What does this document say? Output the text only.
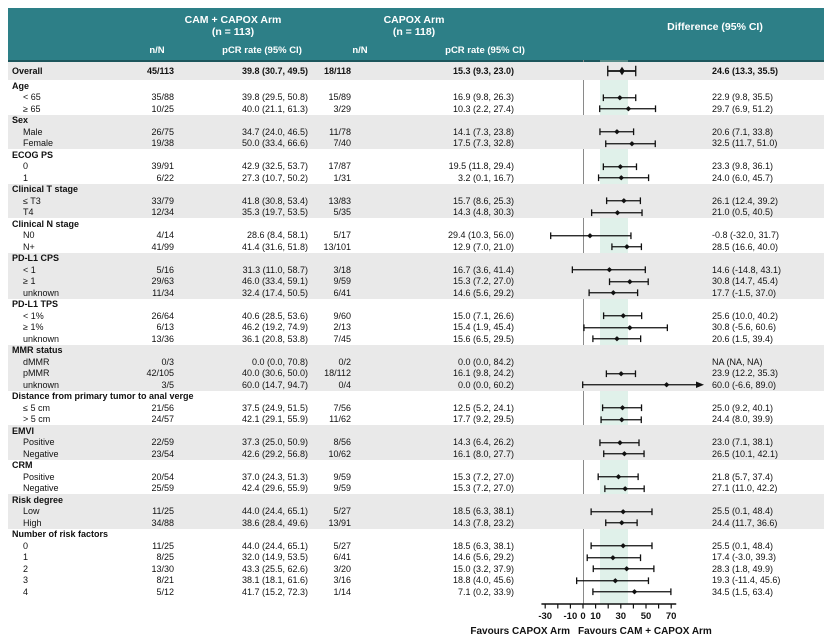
CAM + CAPOX Arm
(n = 113)
CAPOX Arm
(n = 118)
n/N	pCR rate (95% CI)	n/N	pCR rate (95% CI)
Difference (95% CI)
Overall	45/113	39.8 (30.7, 49.5)	18/118	15.3 (9.3, 23.0)	24.6 (13.3, 35.5)
Age
< 65	35/88	39.8 (29.5, 50.8)	15/89	16.9 (9.8, 26.3)	22.9 (9.8, 35.5)
≥ 65	10/25	40.0 (21.1, 61.3)	3/29	10.3 (2.2, 27.4)	29.7 (6.9, 51.2)
Sex
Male	26/75	34.7 (24.0, 46.5)	11/78	14.1 (7.3, 23.8)	20.6 (7.1, 33.8)
Female	19/38	50.0 (33.4, 66.6)	7/40	17.5 (7.3, 32.8)	32.5 (11.7, 51.0)
ECOG PS
0	39/91	42.9 (32.5, 53.7)	17/87	19.5 (11.8, 29.4)	23.3 (9.8, 36.1)
1	6/22	27.3 (10.7, 50.2)	1/31	3.2 (0.1, 16.7)	24.0 (6.0, 45.7)
Clinical T stage
≤ T3	33/79	41.8 (30.8, 53.4)	13/83	15.7 (8.6, 25.3)	26.1 (12.4, 39.2)
T4	12/34	35.3 (19.7, 53.5)	5/35	14.3 (4.8, 30.3)	21.0 (0.5, 40.5)
Clinical N stage
N0	4/14	28.6 (8.4, 58.1)	5/17	29.4 (10.3, 56.0)	-0.8 (-32.0, 31.7)
N+	41/99	41.4 (31.6, 51.8)	13/101	12.9 (7.0, 21.0)	28.5 (16.6, 40.0)
PD-L1 CPS
< 1	5/16	31.3 (11.0, 58.7)	3/18	16.7 (3.6, 41.4)	14.6 (-14.8, 43.1)
≥ 1	29/63	46.0 (33.4, 59.1)	9/59	15.3 (7.2, 27.0)	30.8 (14.7, 45.4)
unknown	11/34	32.4 (17.4, 50.5)	6/41	14.6 (5.6, 29.2)	17.7 (-1.5, 37.0)
PD-L1 TPS
< 1%	26/64	40.6 (28.5, 53.6)	9/60	15.0 (7.1, 26.6)	25.6 (10.0, 40.2)
≥ 1%	6/13	46.2 (19.2, 74.9)	2/13	15.4 (1.9, 45.4)	30.8 (-5.6, 60.6)
unknown	13/36	36.1 (20.8, 53.8)	7/45	15.6 (6.5, 29.5)	20.6 (1.5, 39.4)
MMR status
dMMR	0/3	0.0 (0.0, 70.8)	0/2	0.0 (0.0, 84.2)	NA (NA, NA)
pMMR	42/105	40.0 (30.6, 50.0)	18/112	16.1 (9.8, 24.2)	23.9 (12.2, 35.3)
unknown	3/5	60.0 (14.7, 94.7)	0/4	0.0 (0.0, 60.2)	60.0 (-6.6, 89.0)
Distance from primary tumor to anal verge
≤ 5 cm	21/56	37.5 (24.9, 51.5)	7/56	12.5 (5.2, 24.1)	25.0 (9.2, 40.1)
> 5 cm	24/57	42.1 (29.1, 55.9)	11/62	17.7 (9.2, 29.5)	24.4 (8.0, 39.9)
EMVI
Positive	22/59	37.3 (25.0, 50.9)	8/56	14.3 (6.4, 26.2)	23.0 (7.1, 38.1)
Negative	23/54	42.6 (29.2, 56.8)	10/62	16.1 (8.0, 27.7)	26.5 (10.1, 42.1)
CRM
Positive	20/54	37.0 (24.3, 51.3)	9/59	15.3 (7.2, 27.0)	21.8 (5.7, 37.4)
Negative	25/59	42.4 (29.6, 55.9)	9/59	15.3 (7.2, 27.0)	27.1 (11.0, 42.2)
Risk degree
Low	11/25	44.0 (24.4, 65.1)	5/27	18.5 (6.3, 38.1)	25.5 (0.1, 48.4)
High	34/88	38.6 (28.4, 49.6)	13/91	14.3 (7.8, 23.2)	24.4 (11.7, 36.6)
Number of risk factors
0	11/25	44.0 (24.4, 65.1)	5/27	18.5 (6.3, 38.1)	25.5 (0.1, 48.4)
1	8/25	32.0 (14.9, 53.5)	6/41	14.6 (5.6, 29.2)	17.4 (-3.0, 39.3)
2	13/30	43.3 (25.5, 62.6)	3/20	15.0 (3.2, 37.9)	28.3 (1.8, 49.9)
3	8/21	38.1 (18.1, 61.6)	3/16	18.8 (4.0, 45.6)	19.3 (-11.4, 45.6)
4	5/12	41.7 (15.2, 72.3)	1/14	7.1 (0.2, 33.9)	34.5 (1.5, 63.4)
-30 -10 0 10 30 50 70
Favours CAPOX Arm Favours CAM + CAPOX Arm
